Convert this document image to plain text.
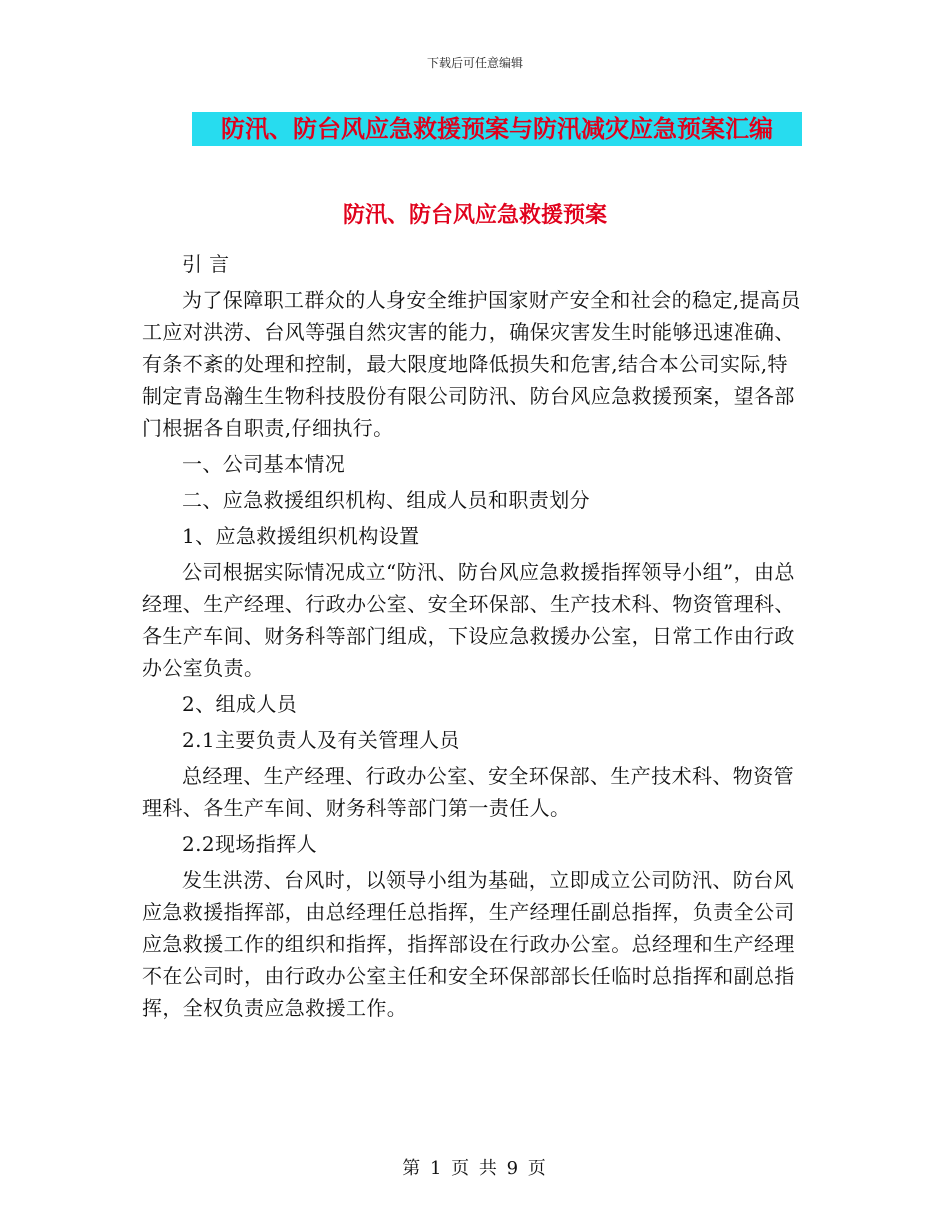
下载后可任意编辑
防汛、防台风应急救援预案与防汛减灾应急预案汇编
防汛、防台风应急救援预案

引 言

为了保障职工群众的人身安全维护国家财产安全和社会的稳定,提高员工应对洪涝、台风等强自然灾害的能力，确保灾害发生时能够迅速准确、有条不紊的处理和控制，最大限度地降低损失和危害,结合本公司实际,特制定青岛瀚生生物科技股份有限公司防汛、防台风应急救援预案，望各部门根据各自职责,仔细执行。

一、公司基本情况

二、应急救援组织机构、组成人员和职责划分

1、应急救援组织机构设置

公司根据实际情况成立“防汛、防台风应急救援指挥领导小组”，由总经理、生产经理、行政办公室、安全环保部、生产技术科、物资管理科、各生产车间、财务科等部门组成，下设应急救援办公室，日常工作由行政办公室负责。

2、组成人员

2.1主要负责人及有关管理人员

总经理、生产经理、行政办公室、安全环保部、生产技术科、物资管理科、各生产车间、财务科等部门第一责任人。

2.2现场指挥人

发生洪涝、台风时，以领导小组为基础，立即成立公司防汛、防台风应急救援指挥部，由总经理任总指挥，生产经理任副总指挥，负责全公司应急救援工作的组织和指挥，指挥部设在行政办公室。总经理和生产经理不在公司时，由行政办公室主任和安全环保部部长任临时总指挥和副总指挥，全权负责应急救援工作。

第 1 页 共 9 页
